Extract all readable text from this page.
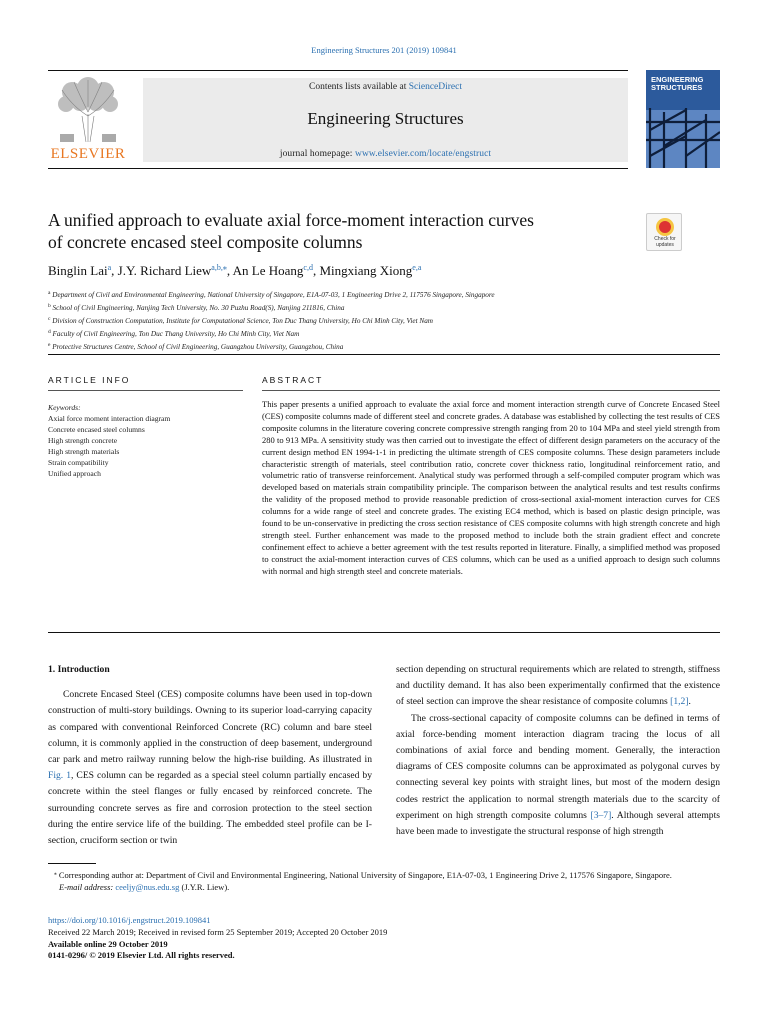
Engineering Structures 201 (2019) 109841
ELSEVIER
Contents lists available at ScienceDirect
Engineering Structures
journal homepage: www.elsevier.com/locate/engstruct
ENGINEERING
STRUCTURES
A unified approach to evaluate axial force-moment interaction curves
of concrete encased steel composite columns	Check for
updates
Binglin Lai$^a$, J.Y. Richard Liew$^{a,b,⁎}$, An Le Hoang$^{c,d}$, Mingxiang Xiong$^{e,a}$
$^a$ Department of Civil and Environmental Engineering, National University of Singapore, E1A-07-03, 1 Engineering Drive 2, 117576 Singapore, Singapore
$^b$ School of Civil Engineering, Nanjing Tech University, No. 30 Puzhu Road(S), Nanjing 211816, China
$^c$ Division of Construction Computation, Institute for Computational Science, Ton Duc Thang University, Ho Chi Minh City, Viet Nam
$^d$ Faculty of Civil Engineering, Ton Duc Thang University, Ho Chi Minh City, Viet Nam
$^e$ Protective Structures Centre, School of Civil Engineering, Guangzhou University, Guangzhou, China
ARTICLE INFO	ABSTRACT
Keywords:
Axial force moment interaction diagram
Concrete encased steel columns
High strength concrete
High strength materials
Strain compatibility
Unified approach
This paper presents a unified approach to evaluate the axial force and moment interaction strength curve of Concrete Encased Steel (CES) composite columns made of different steel and concrete grades. A database was established by collecting the test results of CES composite columns in the literature covering concrete compressive strength ranging from 20 to 104 MPa and steel yield strength from 280 to 913 MPa. A sensitivity study was then carried out to investigate the effect of different design parameters on the accuracy of the current design method EN 1994-1-1 in predicting the ultimate strength of CES composite columns. These design parameters include characteristic strength of materials, steel contribution ratio, concrete cover thickness ratio, longitudinal reinforcement ratio, and volumetric ratio of transverse reinforcement. Analytical study was performed through a self-compiled computer program which was developed based on materials strain compatibility principle. The comparison between the analytical results and test results confirms the validity of the proposed method to provide reasonable prediction of cross-sectional axial-moment interaction curves for CES columns for a wide range of steel and concrete grades. The existing EC4 method, which is based on plastic design principle, was found to be un-conservative in predicting the cross section resistance of CES composite columns with high strength concrete and high strength steel. Further enhancement was made to the proposed method to include both the strain gradient effect and concrete confinement effect to achieve a better agreement with the test results reported in literature. Finally, a simplified method was proposed to construct the axial-moment interaction curves of CES columns, which can be used as a unified approach to design such columns with normal and high strength steel and concrete materials.
1. Introduction

Concrete Encased Steel (CES) composite columns have been used in top-down construction of multi-story buildings. Owning to its superior load-carrying capacity as compared with conventional Reinforced Concrete (RC) column and bare steel column, it is commonly applied in the construction of deep basement, underground car park and metro railway running below the high-rise building. As illustrated in Fig. 1, CES column can be regarded as a special steel column partially encased by concrete within the steel flanges or fully encased by reinforced concrete. The surrounding concrete serves as fire and corrosion protection to the steel section during the entire service life of the building. The embedded steel profile can be I-section, cruciform section or twin

section depending on structural requirements which are related to strength, stiffness and ductility demand. It has also been experimentally confirmed that the existence of steel section can improve the shear resistance of composite columns [1,2].

The cross-sectional capacity of composite columns can be defined in terms of axial force-bending moment interaction diagram tracing the locus of all combinations of axial force and bending moment. Generally, the interaction diagrams of CES composite columns can be approximated as polygonal curves by connecting several key points with straight lines, but most of the modern design codes restrict the application to normal strength materials due to the scarcity of experiment on high strength composite columns [3–7]. Although several attempts have been made to investigate the structural response of high strength

⁎ Corresponding author at: Department of Civil and Environmental Engineering, National University of Singapore, E1A-07-03, 1 Engineering Drive 2, 117576 Singapore, Singapore.
E-mail address: ceeljy@nus.edu.sg (J.Y.R. Liew).
https://doi.org/10.1016/j.engstruct.2019.109841
Received 22 March 2019; Received in revised form 25 September 2019; Accepted 20 October 2019
Available online 29 October 2019
0141-0296/ © 2019 Elsevier Ltd. All rights reserved.
